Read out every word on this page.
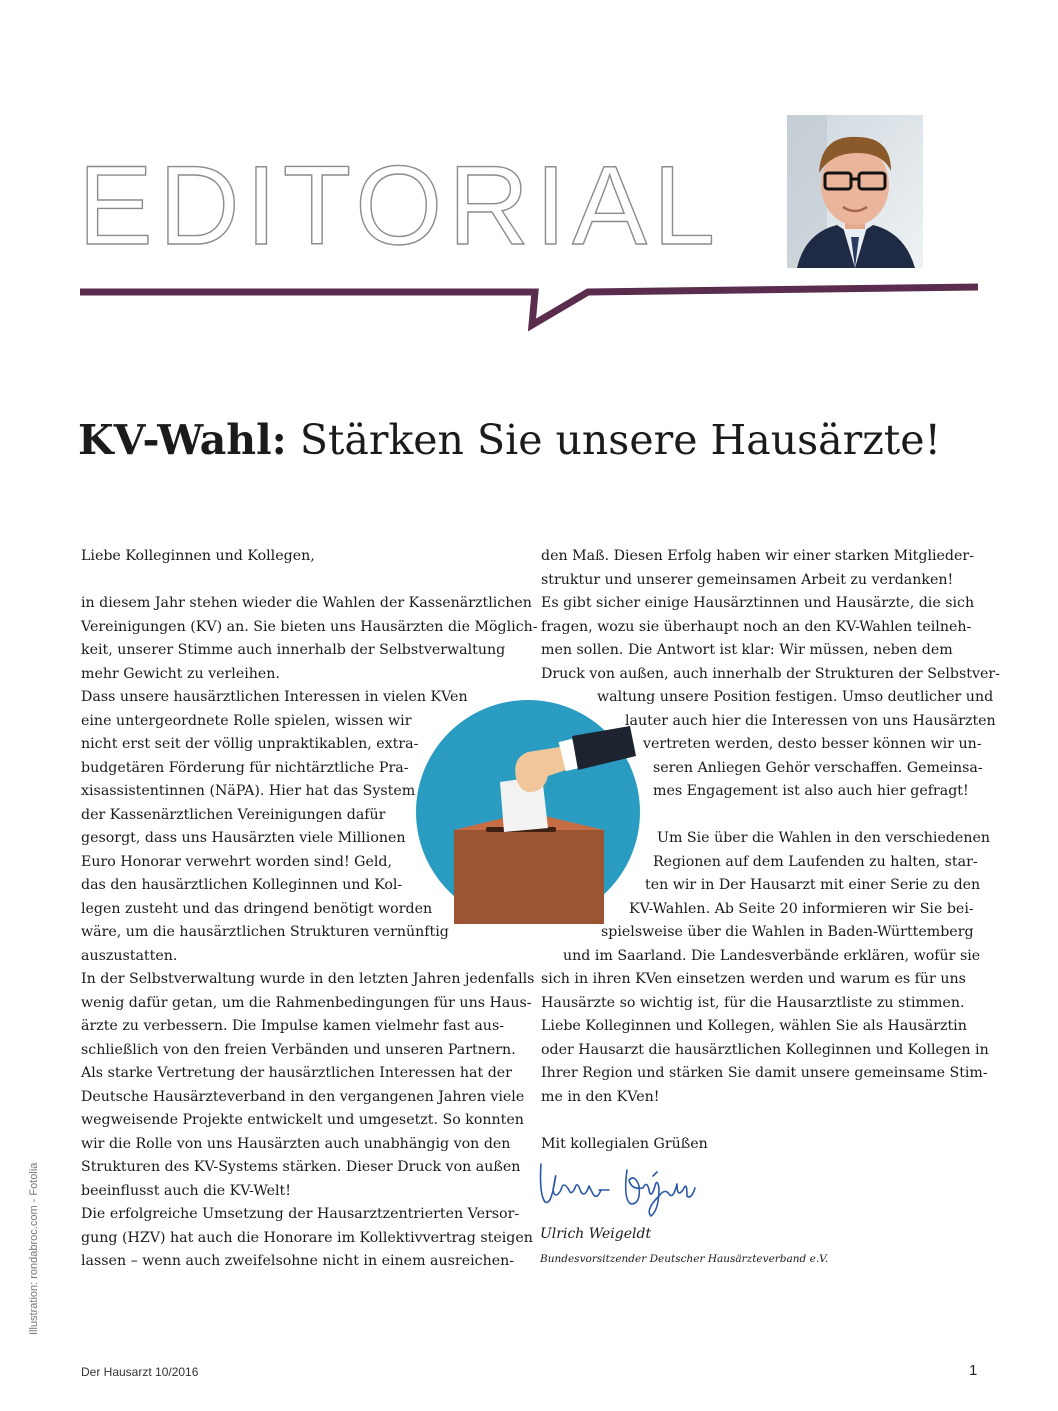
EDITORIAL
KV-Wahl: Stärken Sie unsere Hausärzte!
Liebe Kolleginnen und Kollegen,
in diesem Jahr stehen wieder die Wahlen der Kassenärztlichen
Vereinigungen (KV) an. Sie bieten uns Hausärzten die Möglich-
keit, unserer Stimme auch innerhalb der Selbstverwaltung
mehr Gewicht zu verleihen.
Dass unsere hausärztlichen Interessen in vielen KVen
eine untergeordnete Rolle spielen, wissen wir
nicht erst seit der völlig unpraktikablen, extra-
budgetären Förderung für nichtärztliche Pra-
xisassistentinnen (NäPA). Hier hat das System
der Kassenärztlichen Vereinigungen dafür
gesorgt, dass uns Hausärzten viele Millionen
Euro Honorar verwehrt worden sind! Geld,
das den hausärztlichen Kolleginnen und Kol-
legen zusteht und das dringend benötigt worden
wäre, um die hausärztlichen Strukturen vernünftig
auszustatten.
In der Selbstverwaltung wurde in den letzten Jahren jedenfalls
wenig dafür getan, um die Rahmenbedingungen für uns Haus-
ärzte zu verbessern. Die Impulse kamen vielmehr fast aus-
schließlich von den freien Verbänden und unseren Partnern.
Als starke Vertretung der hausärztlichen Interessen hat der
Deutsche Hausärzteverband in den vergangenen Jahren viele
wegweisende Projekte entwickelt und umgesetzt. So konnten
wir die Rolle von uns Hausärzten auch unabhängig von den
Strukturen des KV-Systems stärken. Dieser Druck von außen
beeinflusst auch die KV-Welt!
Die erfolgreiche Umsetzung der Hausarztzentrierten Versor-
gung (HZV) hat auch die Honorare im Kollektivvertrag steigen
lassen – wenn auch zweifelsohne nicht in einem ausreichen-
den Maß. Diesen Erfolg haben wir einer starken Mitglieder-
struktur und unserer gemeinsamen Arbeit zu verdanken!
Es gibt sicher einige Hausärztinnen und Hausärzte, die sich
fragen, wozu sie überhaupt noch an den KV-Wahlen teilneh-
men sollen. Die Antwort ist klar: Wir müssen, neben dem
Druck von außen, auch innerhalb der Strukturen der Selbstver-
waltung unsere Position festigen. Umso deutlicher und
lauter auch hier die Interessen von uns Hausärzten
vertreten werden, desto besser können wir un-
seren Anliegen Gehör verschaffen. Gemeinsa-
mes Engagement ist also auch hier gefragt!
Um Sie über die Wahlen in den verschiedenen
Regionen auf dem Laufenden zu halten, star-
ten wir in Der Hausarzt mit einer Serie zu den
KV-Wahlen. Ab Seite 20 informieren wir Sie bei-
spielsweise über die Wahlen in Baden-Württemberg
und im Saarland. Die Landesverbände erklären, wofür sie
sich in ihren KVen einsetzen werden und warum es für uns
Hausärzte so wichtig ist, für die Hausarztliste zu stimmen.
Liebe Kolleginnen und Kollegen, wählen Sie als Hausärztin
oder Hausarzt die hausärztlichen Kolleginnen und Kollegen in
Ihrer Region und stärken Sie damit unsere gemeinsame Stim-
me in den KVen!
Mit kollegialen Grüßen
Ulrich Weigeldt
Bundesvorsitzender Deutscher Hausärzteverband e.V.
Der Hausarzt 10/2016	1
Illustration: rondabroc.com - Fotolia
